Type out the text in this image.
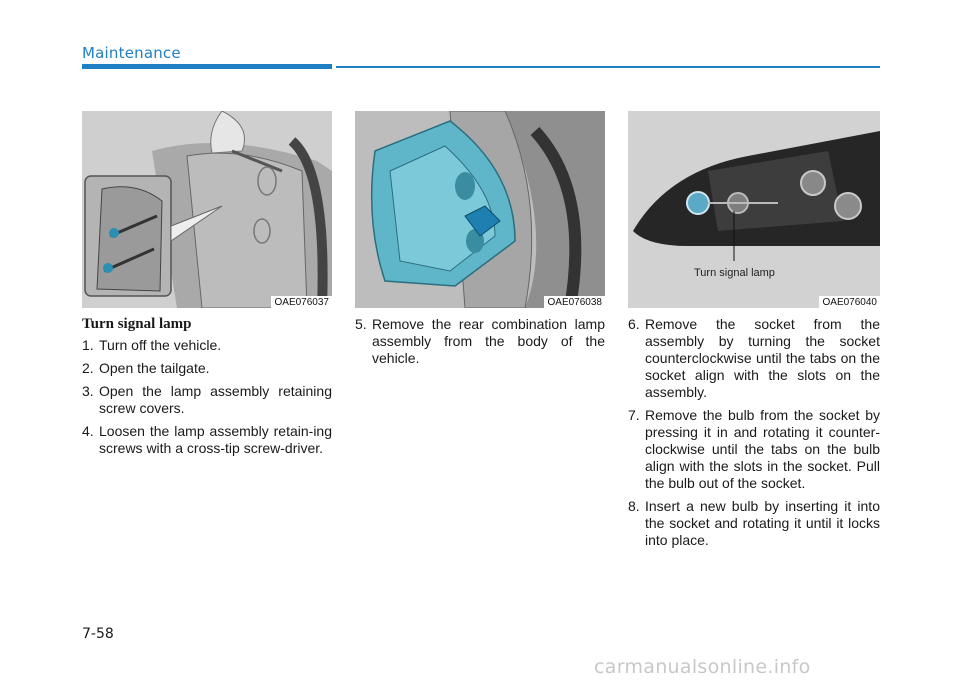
Maintenance
OAE076037	OAE076038
Turn signal lamp
OAE076040
Turn signal lamp
1. Turn off the vehicle.
2. Open the tailgate.
3. Open the lamp assembly retaining screw covers.
4. Loosen the lamp assembly retain-ing screws with a cross-tip screw-driver.
5. Remove the rear combination lamp assembly from the body of the vehicle.
6. Remove the socket from the assembly by turning the socket counterclockwise until the tabs on the socket align with the slots on the assembly.
7. Remove the bulb from the socket by pressing it in and rotating it counter-clockwise until the tabs on the bulb align with the slots in the socket. Pull the bulb out of the socket.
8. Insert a new bulb by inserting it into the socket and rotating it until it locks into place.
7-58
carmanualsonline.info
